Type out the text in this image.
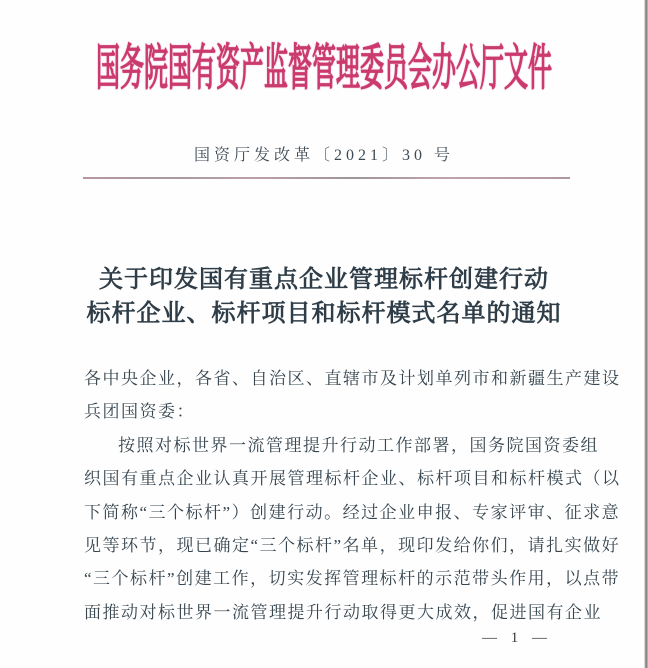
国务院国有资产监督管理委员会办公厅文件
国资厅发改革〔2021〕30 号
关于印发国有重点企业管理标杆创建行动
标杆企业、标杆项目和标杆模式名单的通知
各中央企业，各省、自治区、直辖市及计划单列市和新疆生产建设
兵团国资委：
按照对标世界一流管理提升行动工作部署，国务院国资委组
织国有重点企业认真开展管理标杆企业、标杆项目和标杆模式（以
下简称“三个标杆”）创建行动。经过企业申报、专家评审、征求意
见等环节，现已确定“三个标杆”名单，现印发给你们，请扎实做好
“三个标杆”创建工作，切实发挥管理标杆的示范带头作用，以点带
面推动对标世界一流管理提升行动取得更大成效，促进国有企业
— 1 —
